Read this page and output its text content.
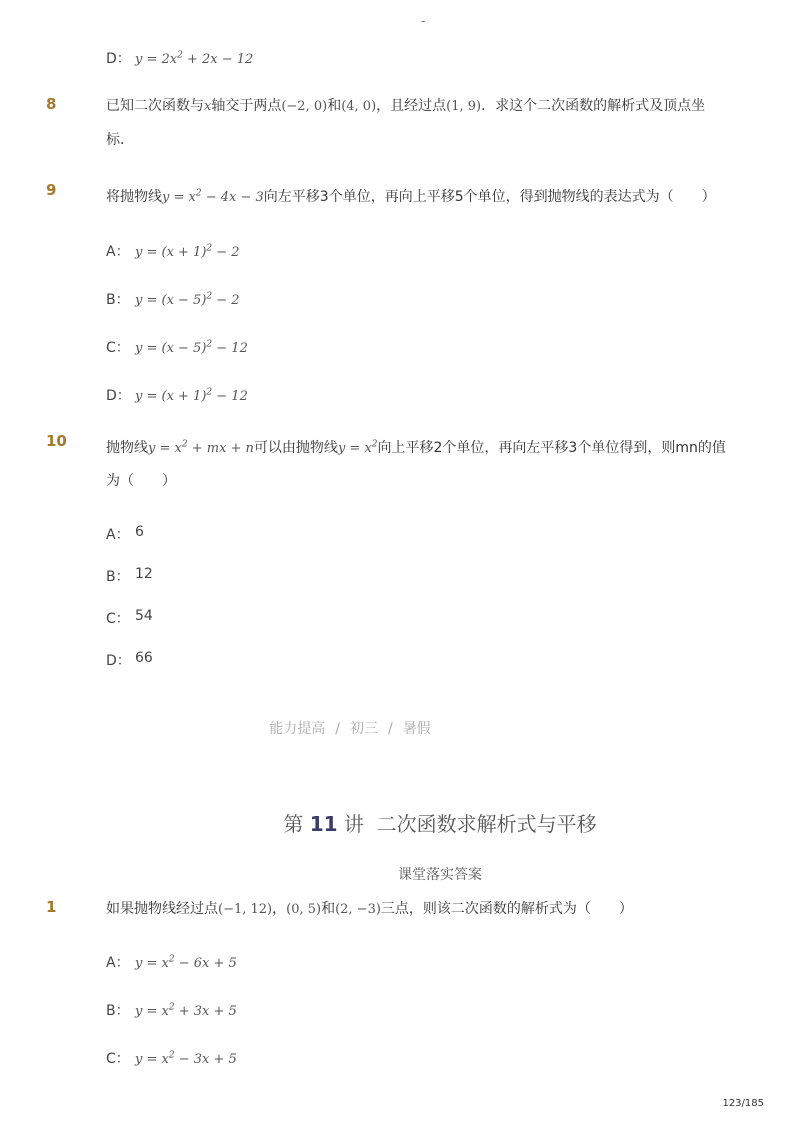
-
D： $y = 2x^2 + 2x - 12$
8	已知二次函数与x轴交于两点(−2, 0)和(4, 0)，且经过点(1, 9)．求这个二次函数的解析式及顶点坐
标．
9	将抛物线$y = x^2 - 4x - 3$向左平移3个单位，再向上平移5个单位，得到抛物线的表达式为（　　）
A： $y = (x + 1)^2 - 2$
B： $y = (x - 5)^2 - 2$
C： $y = (x - 5)^2 - 12$
D： $y = (x + 1)^2 - 12$
10	抛物线$y = x^2$ + mx + n可以由抛物线$y = x^2$向上平移2个单位，再向左平移3个单位得到，则mn的值
为（　　）
A： 6
B： 12
C： 54
D： 66
能力提高 / 初三 / 暑假
第 11 讲 二次函数求解析式与平移
课堂落实答案
1	如果抛物线经过点(−1, 12)，(0, 5)和(2, −3)三点，则该二次函数的解析式为（　　）
A： $y = x^2 - 6x + 5$
B： $y = x^2 + 3x + 5$
C： $y = x^2 - 3x + 5$
123/185
